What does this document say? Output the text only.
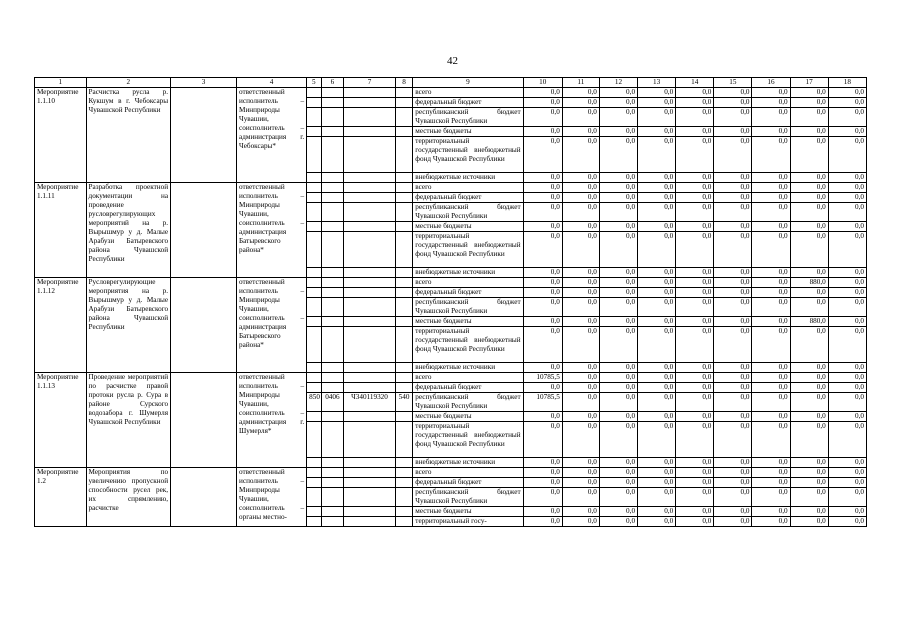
42
1	2	3	4	5	6	7	8	9	10	11	12	13	14	15	16	17	18
Мероприятие 1.1.10	Расчистка русла р. Кукшум в г. Чебоксары Чувашской Республики		ответственный исполнитель – Минприроды Чувашии, соисполнитель – администрация г. Чебоксары*					всего	0,0	0,0	0,0	0,0	0,0	0,0	0,0	0,0	0,0
								федеральный бюджет	0,0	0,0	0,0	0,0	0,0	0,0	0,0	0,0	0,0
								республиканский бюджет Чувашской Республики	0,0	0,0	0,0	0,0	0,0	0,0	0,0	0,0	0,0
								местные бюджеты	0,0	0,0	0,0	0,0	0,0	0,0	0,0	0,0	0,0
								территориальный государственный внебюджетный фонд Чувашской Республики	0,0	0,0	0,0	0,0	0,0	0,0	0,0	0,0	0,0
								внебюджетные источники	0,0	0,0	0,0	0,0	0,0	0,0	0,0	0,0	0,0
Мероприятие 1.1.11	Разработка проектной документации на проведение русловрегулирующих мероприятий на р. Вырышмур у д. Малые Арабузи Батыревского района Чувашской Республики		ответственный исполнитель – Минприроды Чувашии, соисполнитель – администрация Батыревского района*					всего	0,0	0,0	0,0	0,0	0,0	0,0	0,0	0,0	0,0
								федеральный бюджет	0,0	0,0	0,0	0,0	0,0	0,0	0,0	0,0	0,0
								республиканский бюджет Чувашской Республики	0,0	0,0	0,0	0,0	0,0	0,0	0,0	0,0	0,0
								местные бюджеты	0,0	0,0	0,0	0,0	0,0	0,0	0,0	0,0	0,0
								территориальный государственный внебюджетный фонд Чувашской Республики	0,0	0,0	0,0	0,0	0,0	0,0	0,0	0,0	0,0
								внебюджетные источники	0,0	0,0	0,0	0,0	0,0	0,0	0,0	0,0	0,0
Мероприятие 1.1.12	Русловрегулирующие мероприятия на р. Вырышмур у д. Малые Арабузи Батыревского района Чувашской Республики		ответственный исполнитель – Минприроды Чувашии, соисполнитель – администрация Батыревского района*					всего	0,0	0,0	0,0	0,0	0,0	0,0	0,0	880,0	0,0
								федеральный бюджет	0,0	0,0	0,0	0,0	0,0	0,0	0,0	0,0	0,0
								республиканский бюджет Чувашской Республики	0,0	0,0	0,0	0,0	0,0	0,0	0,0	0,0	0,0
								местные бюджеты	0,0	0,0	0,0	0,0	0,0	0,0	0,0	880,0	0,0
								территориальный государственный внебюджетный фонд Чувашской Республики	0,0	0,0	0,0	0,0	0,0	0,0	0,0	0,0	0,0
								внебюджетные источники	0,0	0,0	0,0	0,0	0,0	0,0	0,0	0,0	0,0
Мероприятие 1.1.13	Проведение мероприятий по расчистке правой протоки русла р. Сура в районе Сурского водозабора г. Шумерля Чувашской Республики		ответственный исполнитель – Минприроды Чувашии, соисполнитель – администрация г. Шумерля*					всего	10785,5	0,0	0,0	0,0	0,0	0,0	0,0	0,0	0,0
								федеральный бюджет	0,0	0,0	0,0	0,0	0,0	0,0	0,0	0,0	0,0
				850	0406	Ч340119320	540	республиканский бюджет Чувашской Республики	10785,5	0,0	0,0	0,0	0,0	0,0	0,0	0,0	0,0
								местные бюджеты	0,0	0,0	0,0	0,0	0,0	0,0	0,0	0,0	0,0
								территориальный государственный внебюджетный фонд Чувашской Республики	0,0	0,0	0,0	0,0	0,0	0,0	0,0	0,0	0,0
								внебюджетные источники	0,0	0,0	0,0	0,0	0,0	0,0	0,0	0,0	0,0
Мероприятие 1.2	Мероприятия по увеличению пропускной способности русел рек, их спрямлению, расчистке		ответственный исполнитель – Минприроды Чувашии, соисполнитель – органы местно-					всего	0,0	0,0	0,0	0,0	0,0	0,0	0,0	0,0	0,0
								федеральный бюджет	0,0	0,0	0,0	0,0	0,0	0,0	0,0	0,0	0,0
								республиканский бюджет Чувашской Республики	0,0	0,0	0,0	0,0	0,0	0,0	0,0	0,0	0,0
								местные бюджеты	0,0	0,0	0,0	0,0	0,0	0,0	0,0	0,0	0,0
								территориальный госу-	0,0	0,0	0,0	0,0	0,0	0,0	0,0	0,0	0,0
